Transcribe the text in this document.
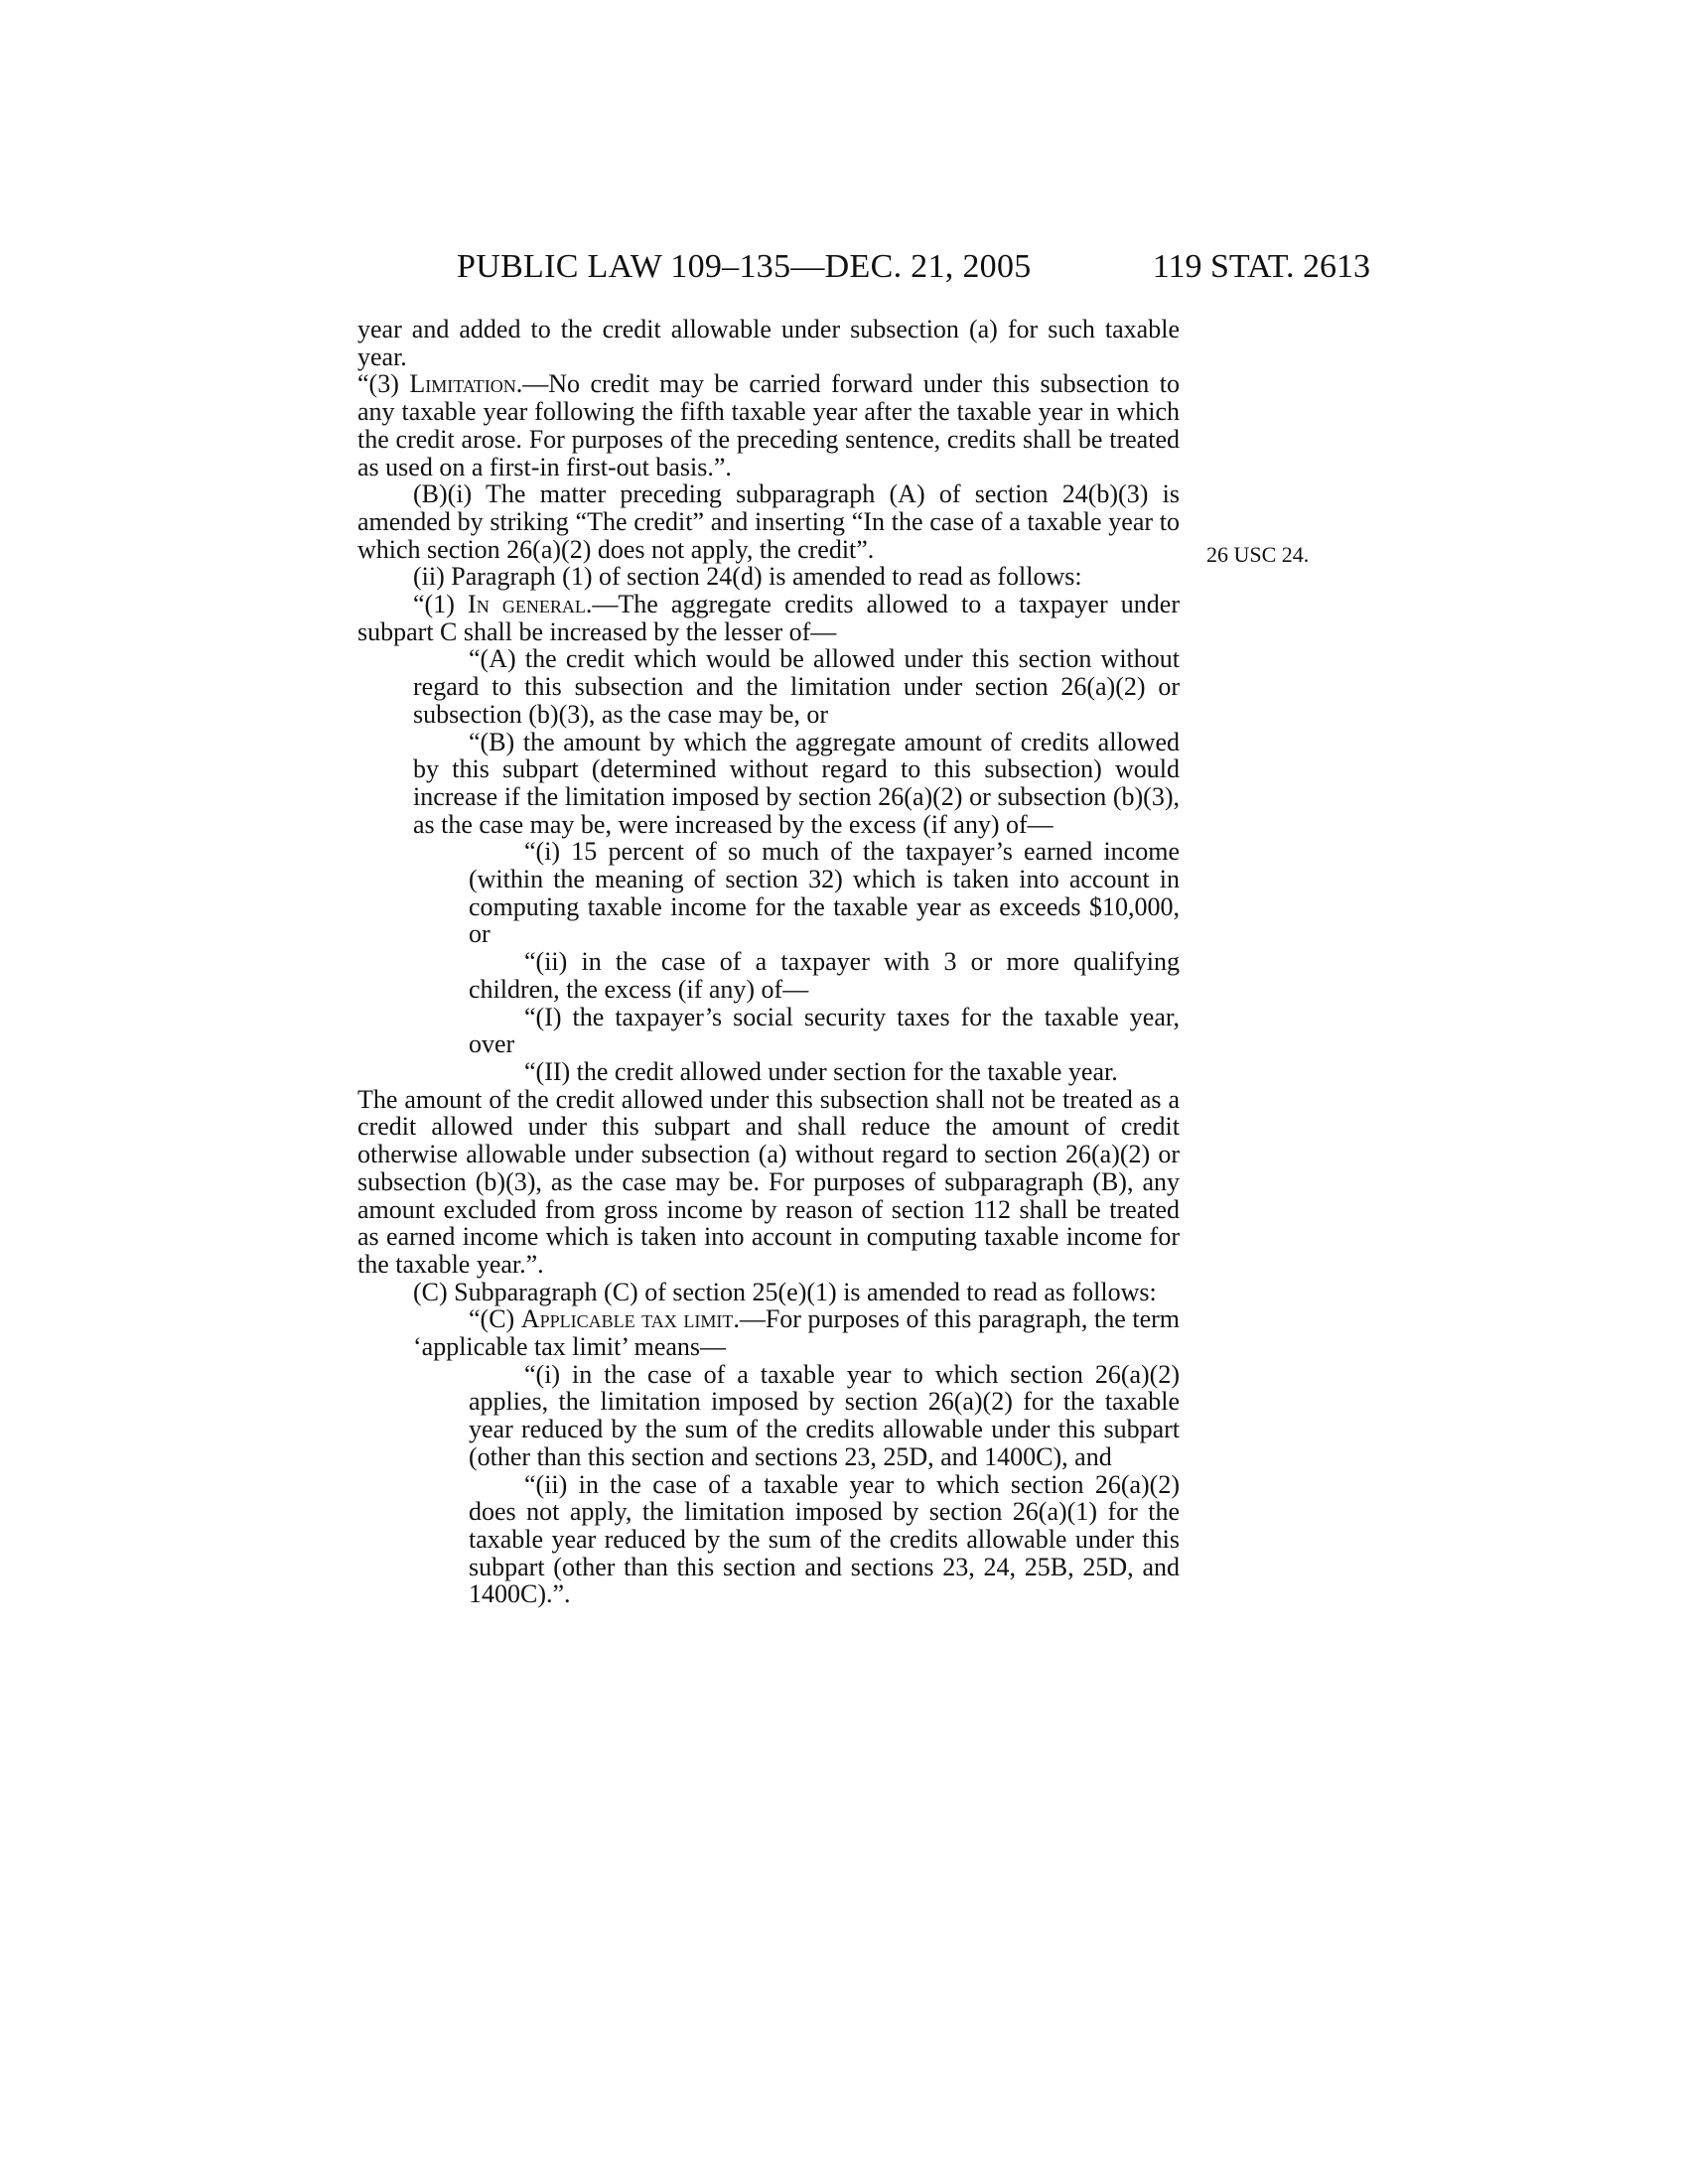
PUBLIC LAW 109–135—DEC. 21, 2005	119 STAT. 2613
26 USC 24.

year and added to the credit allowable under subsection (a) for such taxable year.

“(3) Limitation.—No credit may be carried forward under this subsection to any taxable year following the fifth taxable year after the taxable year in which the credit arose. For purposes of the preceding sentence, credits shall be treated as used on a first-in first-out basis.”.

(B)(i) The matter preceding subparagraph (A) of section 24(b)(3) is amended by striking “The credit” and inserting “In the case of a taxable year to which section 26(a)(2) does not apply, the credit”.

(ii) Paragraph (1) of section 24(d) is amended to read as follows:

“(1) In general.—The aggregate credits allowed to a taxpayer under subpart C shall be increased by the lesser of—

“(A) the credit which would be allowed under this section without regard to this subsection and the limitation under section 26(a)(2) or subsection (b)(3), as the case may be, or

“(B) the amount by which the aggregate amount of credits allowed by this subpart (determined without regard to this subsection) would increase if the limitation imposed by section 26(a)(2) or subsection (b)(3), as the case may be, were increased by the excess (if any) of—

“(i) 15 percent of so much of the taxpayer’s earned income (within the meaning of section 32) which is taken into account in computing taxable income for the taxable year as exceeds $10,000, or

“(ii) in the case of a taxpayer with 3 or more qualifying children, the excess (if any) of—

“(I) the taxpayer’s social security taxes for the taxable year, over

“(II) the credit allowed under section for the taxable year.

The amount of the credit allowed under this subsection shall not be treated as a credit allowed under this subpart and shall reduce the amount of credit otherwise allowable under subsection (a) without regard to section 26(a)(2) or subsection (b)(3), as the case may be. For purposes of subparagraph (B), any amount excluded from gross income by reason of section 112 shall be treated as earned income which is taken into account in computing taxable income for the taxable year.”.

(C) Subparagraph (C) of section 25(e)(1) is amended to read as follows:

“(C) Applicable tax limit.—For purposes of this paragraph, the term ‘applicable tax limit’ means—

“(i) in the case of a taxable year to which section 26(a)(2) applies, the limitation imposed by section 26(a)(2) for the taxable year reduced by the sum of the credits allowable under this subpart (other than this section and sections 23, 25D, and 1400C), and

“(ii) in the case of a taxable year to which section 26(a)(2) does not apply, the limitation imposed by section 26(a)(1) for the taxable year reduced by the sum of the credits allowable under this subpart (other than this section and sections 23, 24, 25B, 25D, and 1400C).”.
